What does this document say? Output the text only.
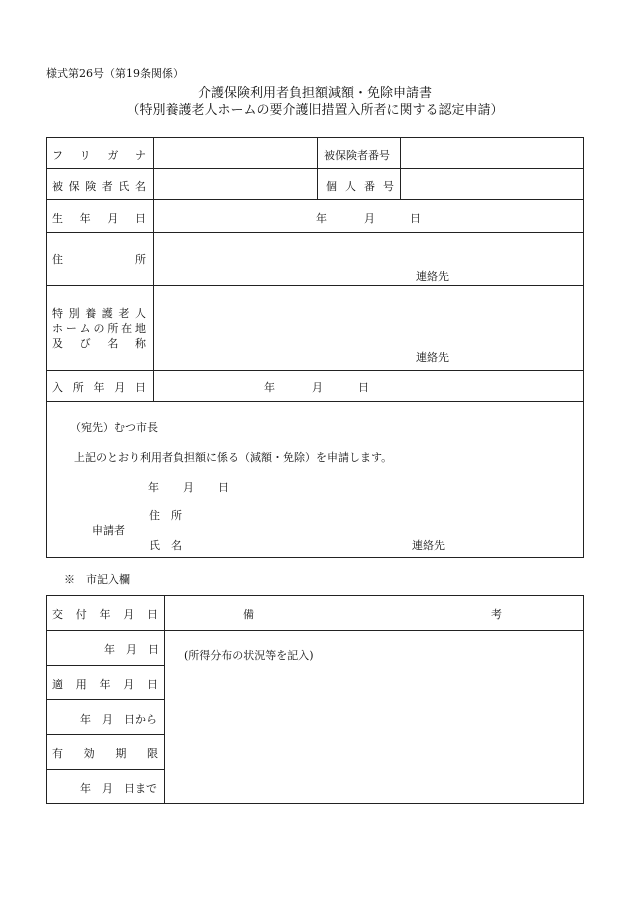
様式第26号（第19条関係）
介護保険利用者負担額減額・免除申請書
（特別養護老人ホームの要介護旧措置入所者に関する認定申請）
フ リ ガ ナ	被保険者番号
被 保 険 者 氏 名	個 人 番 号
生 年 月 日	年	月	日
住	所
連絡先
特 別 養 護 老 人
ホ ー ム の 所 在 地
及 び 名 称
連絡先
入 所 年 月 日	年	月	日
（宛先）むつ市長
上記のとおり利用者負担額に係る（減額・免除）を申請します。
年 月 日
住　所
申請者
氏　名	連絡先
※　市記入欄
交 付 年 月 日	備	考
年　月　日 (所得分布の状況等を記入)
適 用 年 月 日
年　月　日から
有 効 期 限
年　月　日まで
